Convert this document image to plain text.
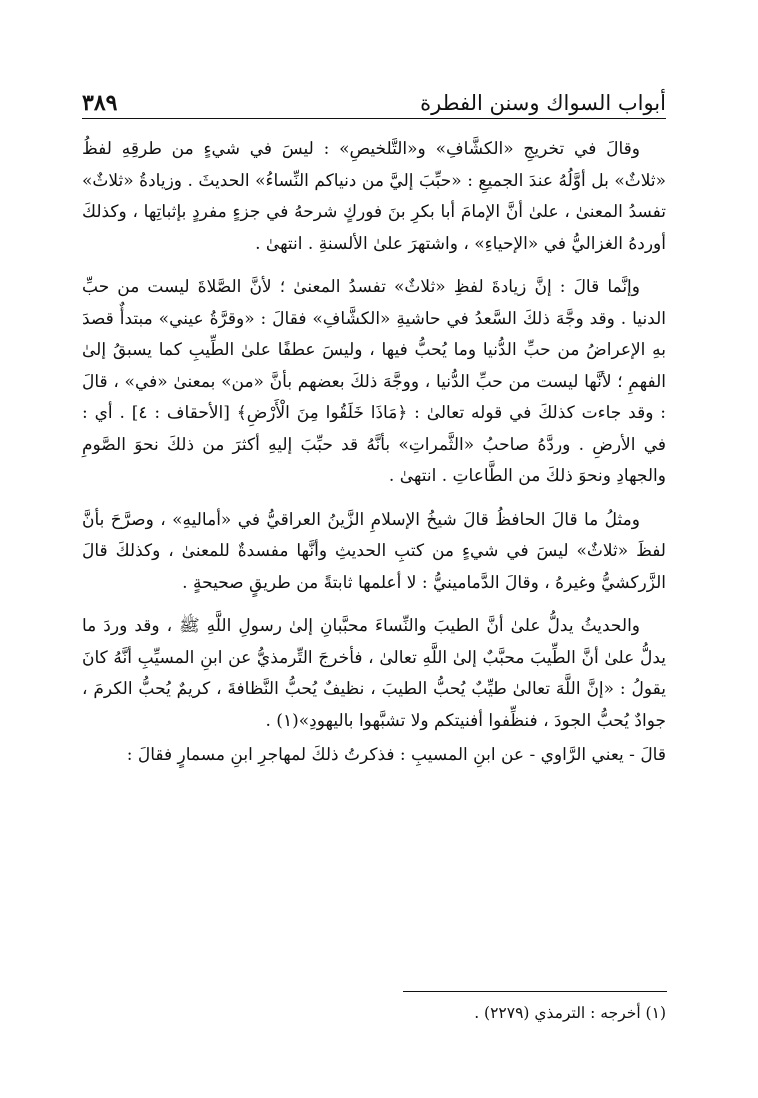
٣٨٩	أبواب السواك وسنن الفطرة

وقالَ في تخريجِ «الكشَّافِ» و«التَّلخيصِ» : ليسَ في شيءٍ من طرقِهِ لفظُ «ثلاثٌ» بل أوَّلُهُ عندَ الجميعِ : «حبِّبَ إليَّ من دنياكم النِّساءُ» الحديثَ . وزيادةُ «ثلاثٌ» تفسدُ المعنىٰ ، علىٰ أنَّ الإمامَ أبا بكرِ بنَ فوركٍ شرحهُ في جزءٍ مفردٍ بإثباتِها ، وكذلكَ أوردهُ الغزاليُّ في «الإحياءِ» ، واشتهرَ علىٰ الألسنةِ . انتهىٰ .

وإنَّما قالَ : إنَّ زيادةَ لفظِ «ثلاثٌ» تفسدُ المعنىٰ ؛ لأنَّ الصَّلاةَ ليست من حبِّ الدنيا . وقد وجَّهَ ذلكَ السَّعدُ في حاشيةِ «الكشَّافِ» فقالَ : «وقرَّةُ عيني» مبتدأٌ قصدَ بهِ الإعراضُ من حبِّ الدُّنيا وما يُحبُّ فيها ، وليسَ عطفًا علىٰ الطِّيبِ كما يسبقُ إلىٰ الفهمِ ؛ لأنَّها ليست من حبِّ الدُّنيا ، ووجَّهَ ذلكَ بعضهم بأنَّ «من» بمعنىٰ «في» ، قالَ : وقد جاءت كذلكَ في قوله تعالىٰ : ﴿مَاذَا خَلَقُوا مِنَ الْأَرْضِ﴾ [الأحقاف : ٤] . أي : في الأرضِ . وردَّهُ صاحبُ «الثَّمراتِ» بأنَّهُ قد حبِّبَ إليهِ أكثرَ من ذلكَ نحوَ الصَّومِ والجهادِ ونحوَ ذلكَ من الطَّاعاتِ . انتهىٰ .

ومثلُ ما قالَ الحافظُ قالَ شيخُ الإسلامِ الزَّينُ العراقيُّ في «أماليهِ» ، وصرَّحَ بأنَّ لفظَ «ثلاثٌ» ليسَ في شيءٍ من كتبِ الحديثِ وأنَّها مفسدةٌ للمعنىٰ ، وكذلكَ قالَ الزَّركشيُّ وغيرهُ ، وقالَ الدَّمامينيُّ : لا أعلمها ثابتةً من طريقٍ صحيحةٍ .

والحديثُ يدلُّ علىٰ أنَّ الطيبَ والنِّساءَ محبَّبانِ إلىٰ رسولِ اللَّهِ ﷺ ، وقد وردَ ما يدلُّ علىٰ أنَّ الطِّيبَ محبَّبٌ إلىٰ اللَّهِ تعالىٰ ، فأخرجَ التِّرمذيُّ عن ابنِ المسيِّبِ أنَّهُ كانَ يقولُ : «إنَّ اللَّهَ تعالىٰ طيِّبٌ يُحبُّ الطيبَ ، نظيفٌ يُحبُّ النَّظافةَ ، كريمٌ يُحبُّ الكرمَ ، جوادٌ يُحبُّ الجودَ ، فنظِّفوا أفنيتكم ولا تشبَّهوا باليهودِ»(١) .

قالَ - يعني الرَّاوي - عن ابنِ المسيبِ : فذكرتُ ذلكَ لمهاجرِ ابنِ مسمارٍ فقالَ :

(١) أخرجه : الترمذي (٢٢٧٩) .
